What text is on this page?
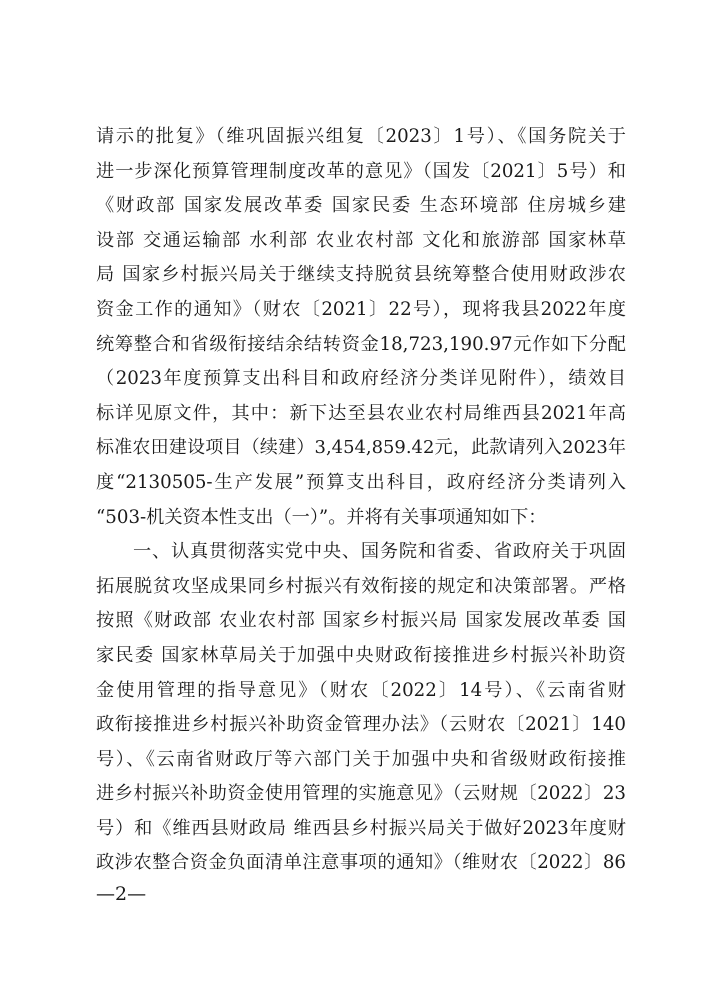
请示的批复》（维巩固振兴组复〔2023〕1号）、《国务院关于
进一步深化预算管理制度改革的意见》（国发〔2021〕5号）和
《财政部 国家发展改革委 国家民委 生态环境部 住房城乡建
设部 交通运输部 水利部 农业农村部 文化和旅游部 国家林草
局 国家乡村振兴局关于继续支持脱贫县统筹整合使用财政涉农
资金工作的通知》（财农〔2021〕22号），现将我县2022年度
统筹整合和省级衔接结余结转资金18,723,190.97元作如下分配
（2023年度预算支出科目和政府经济分类详见附件），绩效目
标详见原文件，其中：新下达至县农业农村局维西县2021年高
标准农田建设项目（续建）3,454,859.42元，此款请列入2023年
度“2130505-生产发展”预算支出科目，政府经济分类请列入
“503-机关资本性支出（一）”。并将有关事项通知如下：
一、认真贯彻落实党中央、国务院和省委、省政府关于巩固
拓展脱贫攻坚成果同乡村振兴有效衔接的规定和决策部署。严格
按照《财政部 农业农村部 国家乡村振兴局 国家发展改革委 国
家民委 国家林草局关于加强中央财政衔接推进乡村振兴补助资
金使用管理的指导意见》（财农〔2022〕14号）、《云南省财
政衔接推进乡村振兴补助资金管理办法》（云财农〔2021〕140
号）、《云南省财政厅等六部门关于加强中央和省级财政衔接推
进乡村振兴补助资金使用管理的实施意见》（云财规〔2022〕23
号）和《维西县财政局 维西县乡村振兴局关于做好2023年度财
政涉农整合资金负面清单注意事项的通知》（维财农〔2022〕86
—2—
